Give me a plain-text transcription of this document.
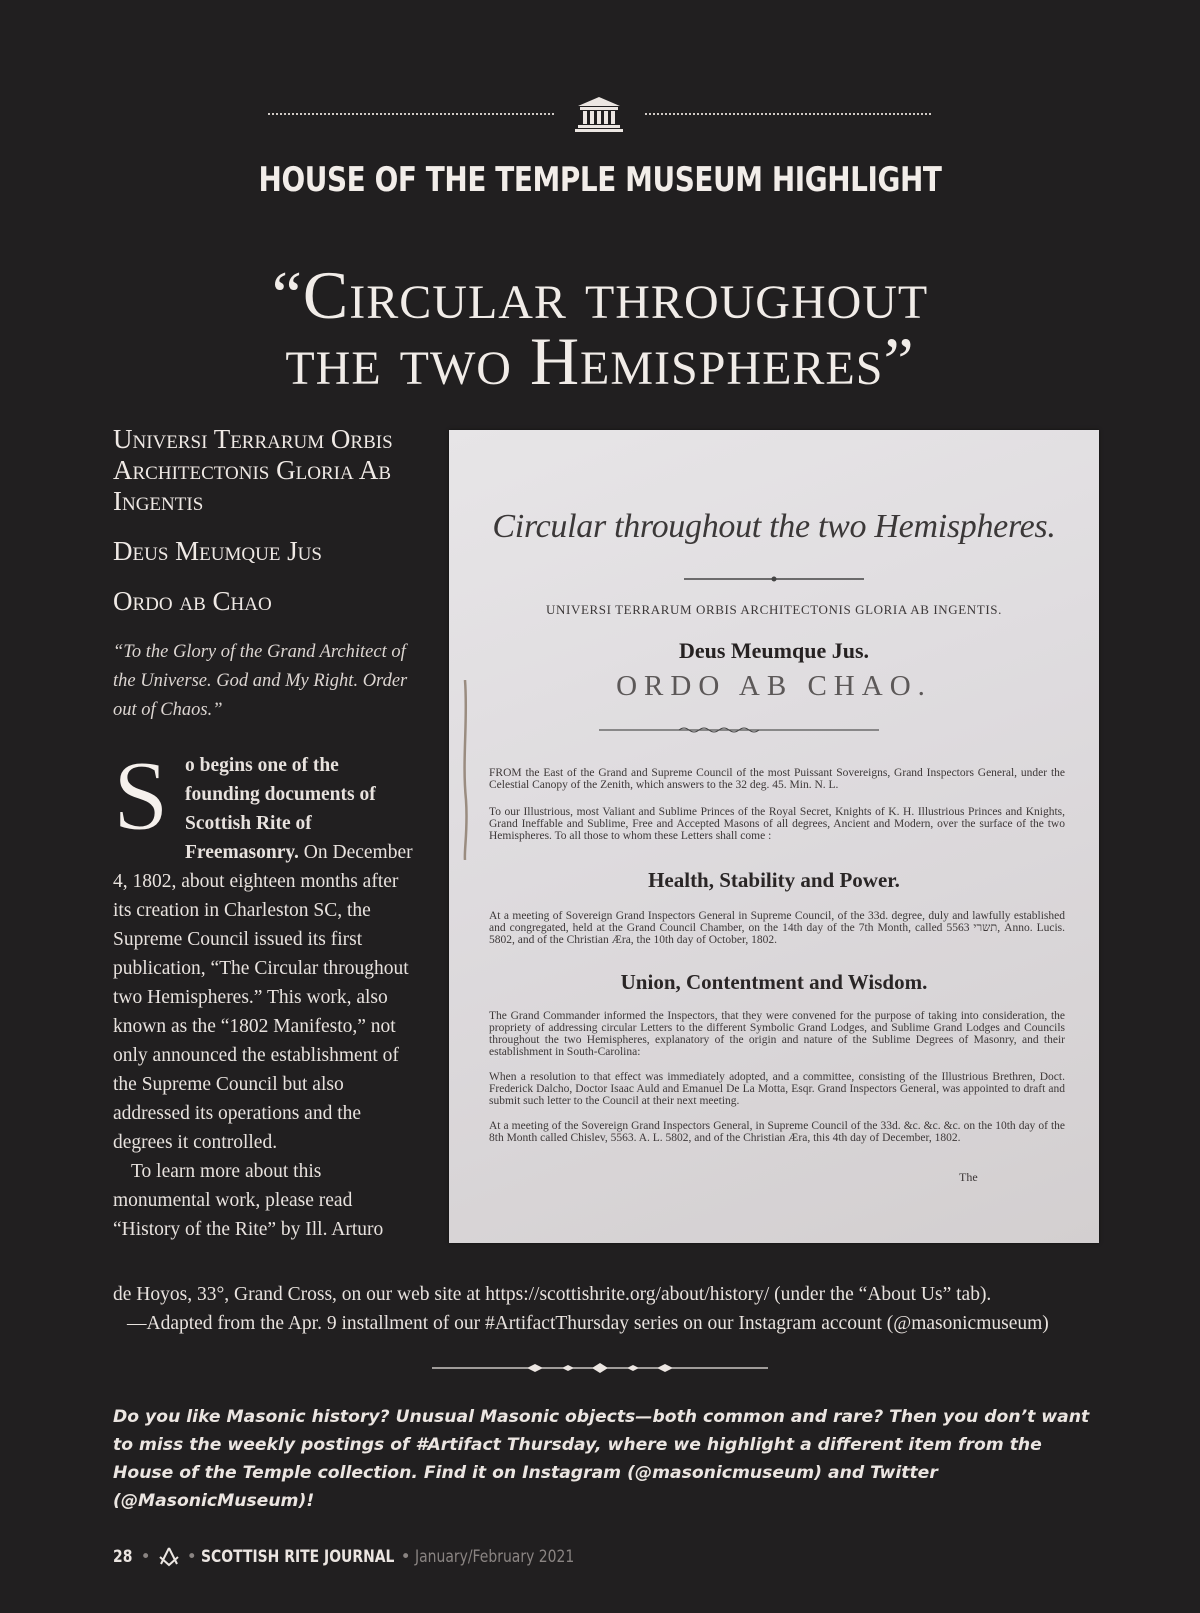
HOUSE OF THE TEMPLE MUSEUM HIGHLIGHT
“Circular throughout
the two Hemispheres”
Universi Terrarum Orbis Architectonis Gloria Ab Ingentis
Deus Meumque Jus
Ordo ab Chao
“To the Glory of the Grand Architect of the Universe. God and My Right. Order out of Chaos.”

So begins one of the founding documents of Scottish Rite of Freemasonry. On December 4, 1802, about eighteen months after its creation in Charleston SC, the Supreme Council issued its first publication, “The Circular throughout two Hemispheres.” This work, also known as the “1802 Manifesto,” not only announced the establishment of the Supreme Council but also addressed its operations and the degrees it controlled.

To learn more about this monumental work, please read “History of the Rite” by Ill. Arturo

de Hoyos, 33°, Grand Cross, on our web site at https://scottishrite.org/about/history/ (under the “About Us” tab).
—Adapted from the Apr. 9 installment of our #ArtifactThursday series on our Instagram account (@masonicmuseum)
Circular throughout the two Hemispheres.
UNIVERSI TERRARUM ORBIS ARCHITECTONIS GLORIA AB INGENTIS.
Deus Meumque Jus.
ORDO AB CHAO.
FROM the East of the Grand and Supreme Council of the most Puissant Sovereigns, Grand Inspectors General, under the Celestial Canopy of the Zenith, which answers to the 32 deg. 45. Min. N. L.
To our Illustrious, most Valiant and Sublime Princes of the Royal Secret, Knights of K. H. Illustrious Princes and Knights, Grand Ineffable and Sublime, Free and Accepted Masons of all degrees, Ancient and Modern, over the surface of the two Hemispheres. To all those to whom these Letters shall come :
Health, Stability and Power.
At a meeting of Sovereign Grand Inspectors General in Supreme Council, of the 33d. degree, duly and lawfully established and congregated, held at the Grand Council Chamber, on the 14th day of the 7th Month, called תשרי 5563, Anno. Lucis. 5802, and of the Christian Æra, the 10th day of October, 1802.
Union, Contentment and Wisdom.
The Grand Commander informed the Inspectors, that they were convened for the purpose of taking into consideration, the propriety of addressing circular Letters to the different Symbolic Grand Lodges, and Sublime Grand Lodges and Councils throughout the two Hemispheres, explanatory of the origin and nature of the Sublime Degrees of Masonry, and their establishment in South-Carolina:
When a resolution to that effect was immediately adopted, and a committee, consisting of the Illustrious Brethren, Doct. Frederick Dalcho, Doctor Isaac Auld and Emanuel De La Motta, Esqr. Grand Inspectors General, was appointed to draft and submit such letter to the Council at their next meeting.
At a meeting of the Sovereign Grand Inspectors General, in Supreme Council of the 33d. &c. &c. &c. on the 10th day of the 8th Month called Chislev, 5563. A. L. 5802, and of the Christian Æra, this 4th day of December, 1802.
The
Do you like Masonic history? Unusual Masonic objects—both common and rare? Then you don’t want to miss the weekly postings of #Artifact Thursday, where we highlight a different item from the House of the Temple collection. Find it on Instagram (@masonicmuseum) and Twitter (@MasonicMuseum)!
28 • • SCOTTISH RITE JOURNAL • January/February 2021
